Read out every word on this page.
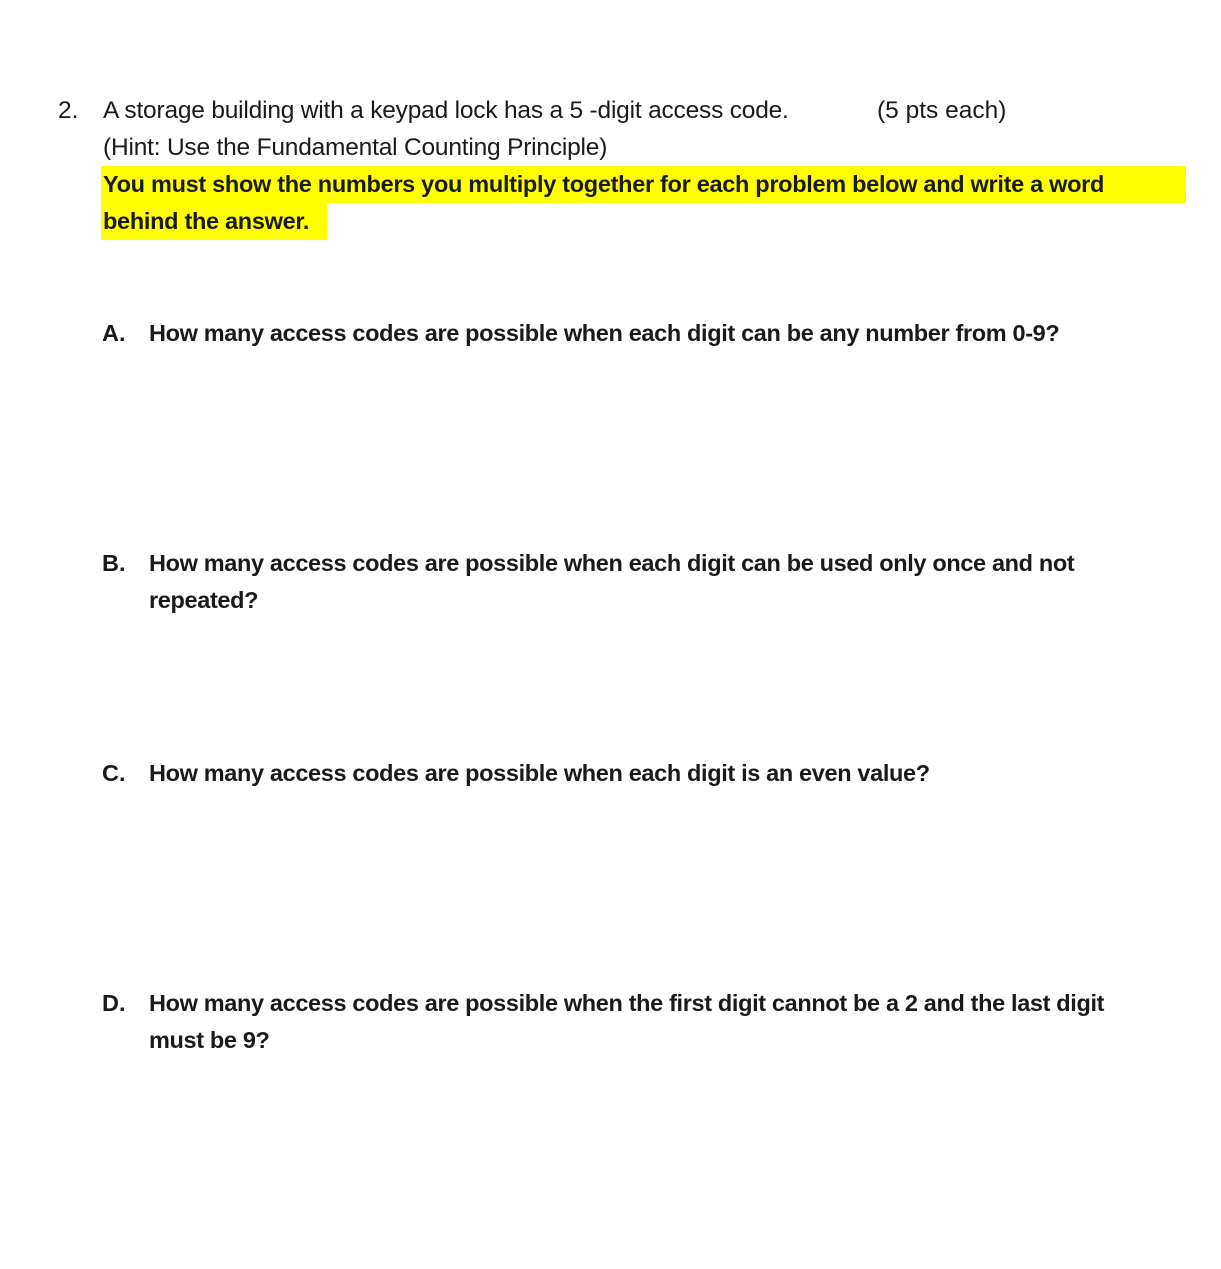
2. A storage building with a keypad lock has a 5 -digit access code.	(5 pts each)
(Hint: Use the Fundamental Counting Principle)
You must show the numbers you multiply together for each problem below and write a word
behind the answer.
A. How many access codes are possible when each digit can be any number from 0-9?
B. How many access codes are possible when each digit can be used only once and not
repeated?
C. How many access codes are possible when each digit is an even value?
D. How many access codes are possible when the first digit cannot be a 2 and the last digit
must be 9?
